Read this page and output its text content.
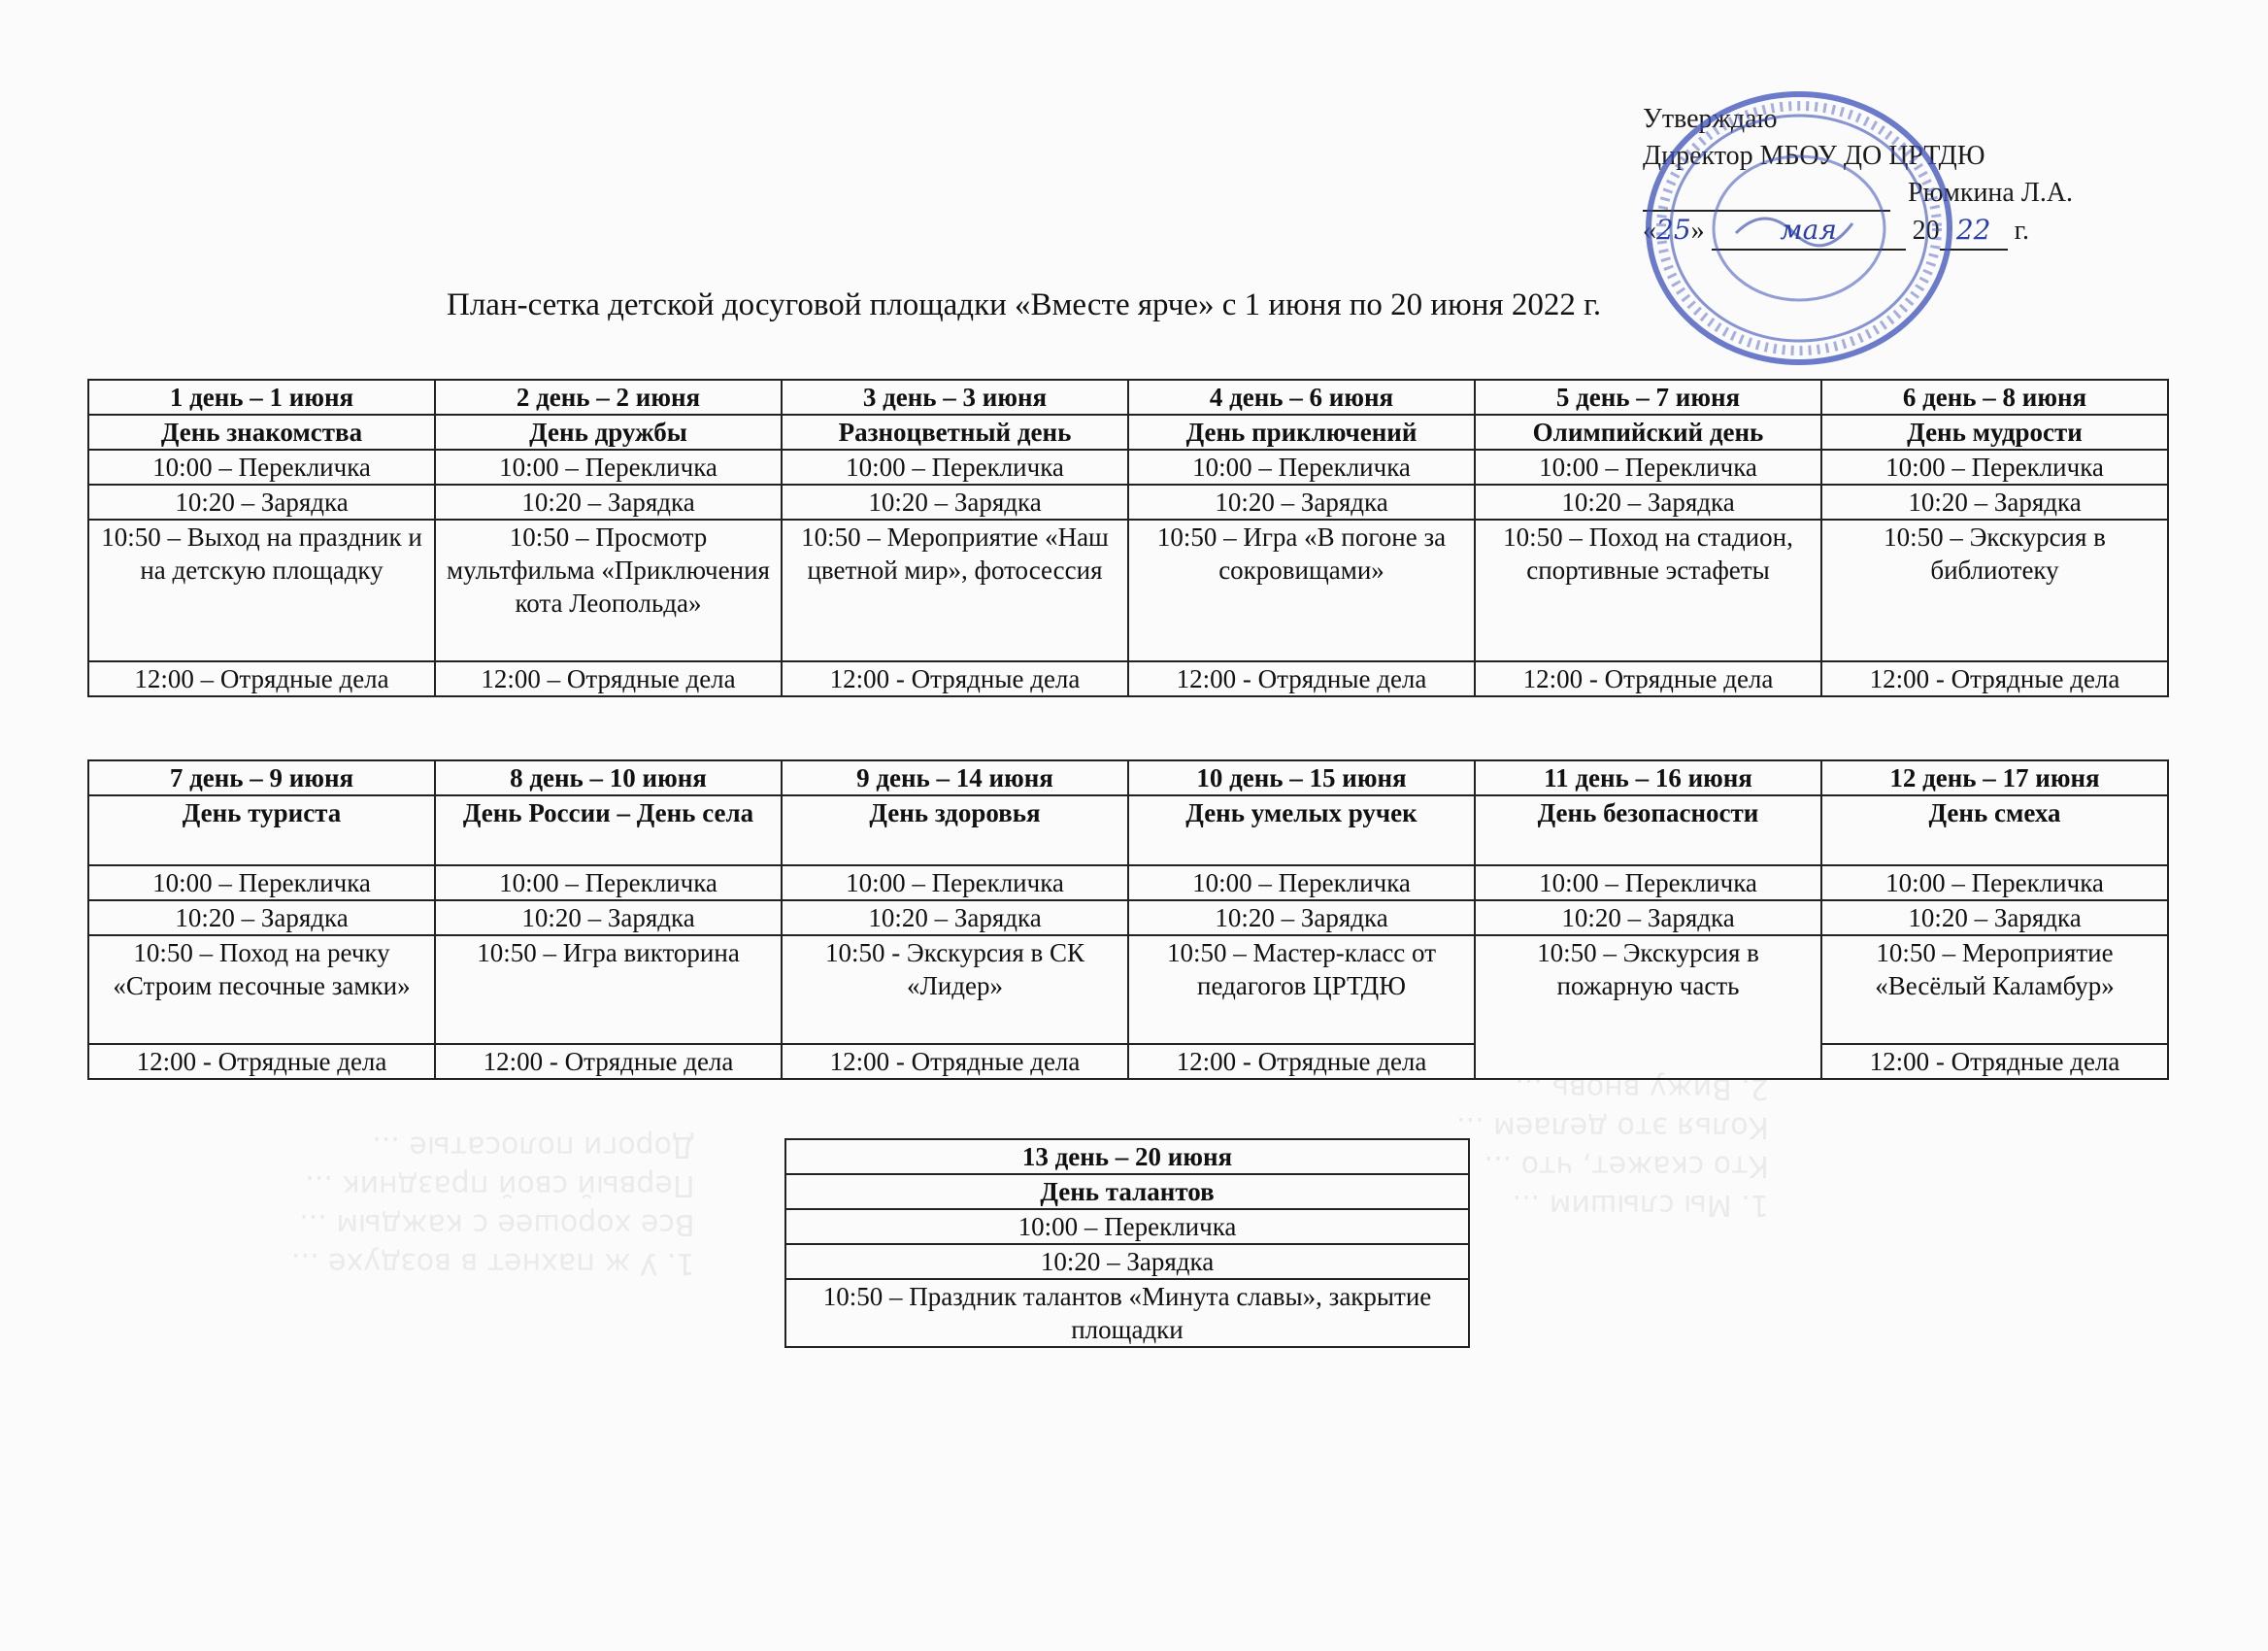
1. У ж пахнет в воздухе ...
Все хорошее с каждым ...
Первый свой праздник ...
Дороги полосатые ...
1. Мы слышим ...
Кто скажет, что ...
Колья это делаем ...
2. Вижу вновь ...
Утверждаю
Директор МБОУ ДО ЦРТДЮ
Рюмкина Л.А.
«25»	мая	20 22 г.
План-сетка детской досуговой площадки «Вместе ярче» с 1 июня по 20 июня 2022 г.
1 день – 1 июня	2 день – 2 июня	3 день – 3 июня	4 день – 6 июня	5 день – 7 июня	6 день – 8 июня
День знакомства	День дружбы	Разноцветный день	День приключений	Олимпийский день	День мудрости
10:00 – Перекличка	10:00 – Перекличка	10:00 – Перекличка	10:00 – Перекличка	10:00 – Перекличка	10:00 – Перекличка
10:20 – Зарядка	10:20 – Зарядка	10:20 – Зарядка	10:20 – Зарядка	10:20 – Зарядка	10:20 – Зарядка
10:50 – Выход на праздник и на детскую площадку	10:50 – Просмотр мультфильма «Приключения кота Леопольда»	10:50 – Мероприятие «Наш цветной мир», фотосессия	10:50 – Игра «В погоне за сокровищами»	10:50 – Поход на стадион, спортивные эстафеты	10:50 – Экскурсия в библиотеку
12:00 – Отрядные дела	12:00 – Отрядные дела	12:00 - Отрядные дела	12:00 - Отрядные дела	12:00 - Отрядные дела	12:00 - Отрядные дела
7 день – 9 июня	8 день – 10 июня	9 день – 14 июня	10 день – 15 июня	11 день – 16 июня	12 день – 17 июня
День туриста	День России – День села	День здоровья	День умелых ручек	День безопасности	День смеха
10:00 – Перекличка	10:00 – Перекличка	10:00 – Перекличка	10:00 – Перекличка	10:00 – Перекличка	10:00 – Перекличка
10:20 – Зарядка	10:20 – Зарядка	10:20 – Зарядка	10:20 – Зарядка	10:20 – Зарядка	10:20 – Зарядка
10:50 – Поход на речку «Строим песочные замки»	10:50 – Игра викторина	10:50 - Экскурсия в СК «Лидер»	10:50 – Мастер-класс от педагогов ЦРТДЮ	10:50 – Экскурсия в пожарную часть	10:50 – Мероприятие «Весёлый Каламбур»
12:00 - Отрядные дела	12:00 - Отрядные дела	12:00 - Отрядные дела	12:00 - Отрядные дела		12:00 - Отрядные дела
13 день – 20 июня
День талантов
10:00 – Перекличка
10:20 – Зарядка
10:50 – Праздник талантов «Минута славы», закрытие площадки
